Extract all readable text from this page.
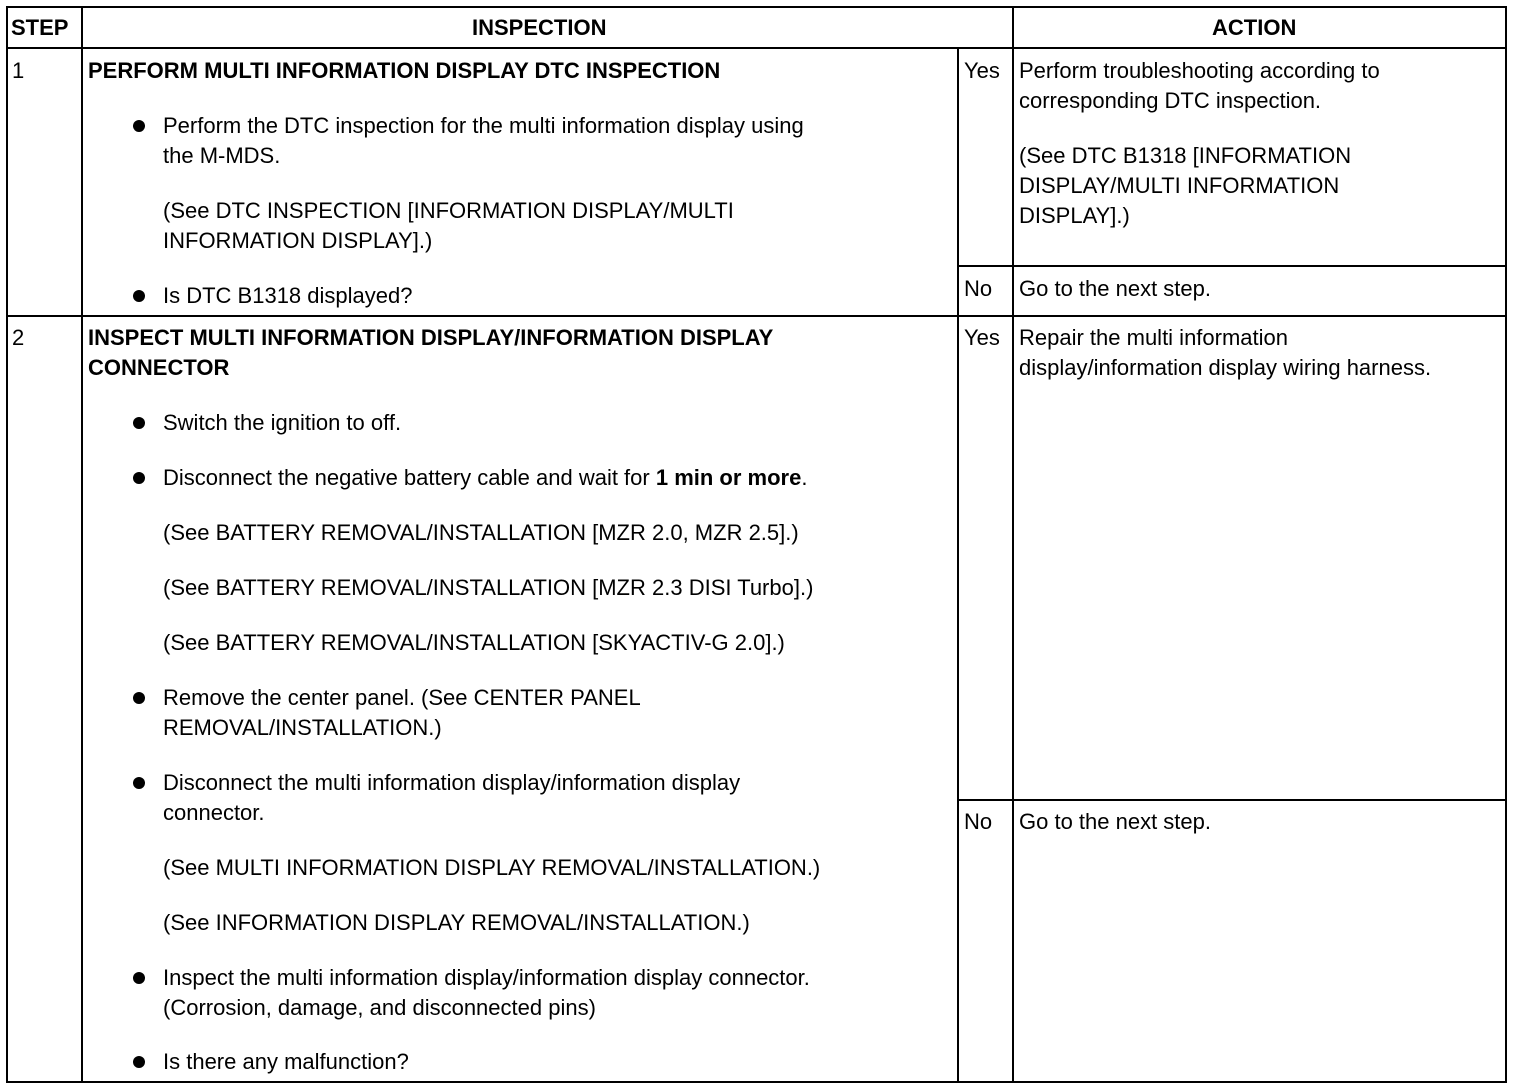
STEP	INSPECTION	ACTION
1	PERFORM MULTI INFORMATION DISPLAY DTC INSPECTION
Perform the DTC inspection for the multi information display using
the M-MDS.
(See DTC INSPECTION [INFORMATION DISPLAY/MULTI
INFORMATION DISPLAY].)
Is DTC B1318 displayed?
Yes Perform troubleshooting according to
corresponding DTC inspection.
(See DTC B1318 [INFORMATION
DISPLAY/MULTI INFORMATION
DISPLAY].)
No Go to the next step.
2	INSPECT MULTI INFORMATION DISPLAY/INFORMATION DISPLAY
CONNECTOR
Switch the ignition to off.
Disconnect the negative battery cable and wait for 1 min or more.
(See BATTERY REMOVAL/INSTALLATION [MZR 2.0, MZR 2.5].)
(See BATTERY REMOVAL/INSTALLATION [MZR 2.3 DISI Turbo].)
(See BATTERY REMOVAL/INSTALLATION [SKYACTIV-G 2.0].)
Remove the center panel. (See CENTER PANEL
REMOVAL/INSTALLATION.)
Disconnect the multi information display/information display
connector.
(See MULTI INFORMATION DISPLAY REMOVAL/INSTALLATION.)
(See INFORMATION DISPLAY REMOVAL/INSTALLATION.)
Inspect the multi information display/information display connector.
(Corrosion, damage, and disconnected pins)
Is there any malfunction?
Yes Repair the multi information
display/information display wiring harness.
No Go to the next step.
